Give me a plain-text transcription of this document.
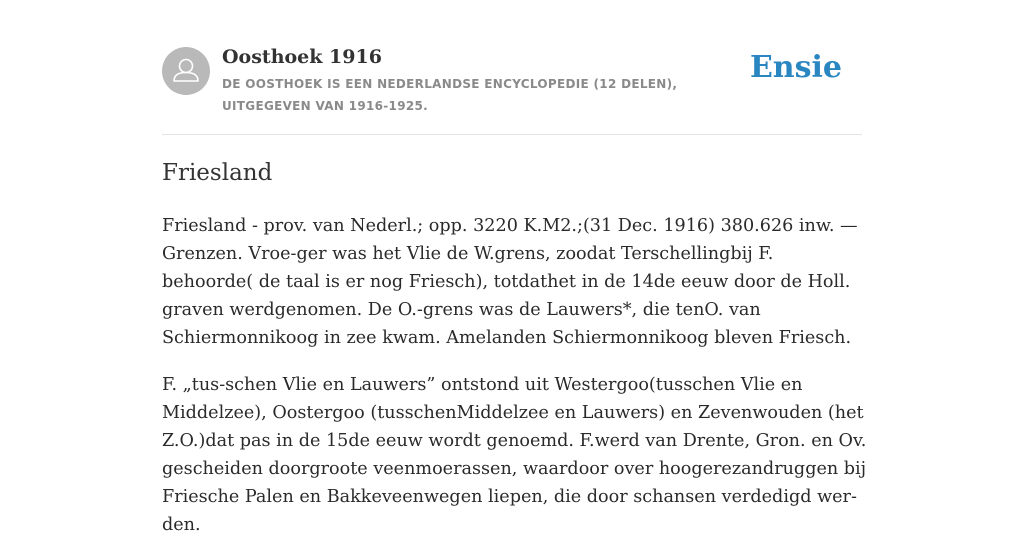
Oosthoek 1916

DE OOSTHOEK IS EEN NEDERLANDSE ENCYCLOPEDIE (12 DELEN), UITGEGEVEN VAN 1916-1925.

Ensie
Friesland

Friesland - prov. van Nederl.; opp. 3220 K.M2.;(31 Dec. 1916) 380.626 inw. — Grenzen. Vroe-ger was het Vlie de W.grens, zoodat Terschellingbij F. behoorde( de taal is er nog Friesch), totdathet in de 14de eeuw door de Holl. graven werdgenomen. De O.-grens was de Lauwers*, die tenO. van Schiermonnikoog in zee kwam. Amelanden Schiermonnikoog bleven Friesch.

F. „tus-schen Vlie en Lauwers” ontstond uit Westergoo(tusschen Vlie en Middelzee), Oostergoo (tusschenMiddelzee en Lauwers) en Zevenwouden (het Z.O.)dat pas in de 15de eeuw wordt genoemd. F.werd van Drente, Gron. en Ov. gescheiden doorgroote veenmoerassen, waardoor over hoogerezandruggen bij Friesche Palen en Bakkeveenwegen liepen, die door schansen verdedigd wer-den.
